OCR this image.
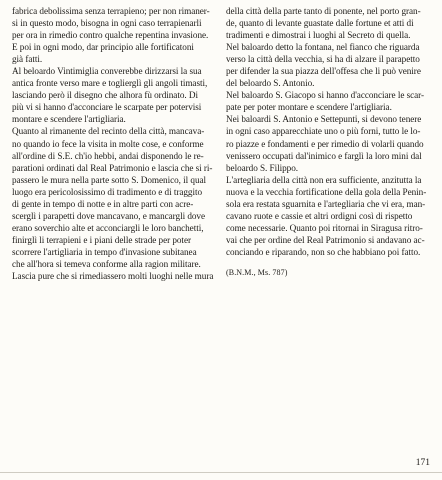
fabrica debolissima senza terrapieno; per non rimaner-
si in questo modo, bisogna in ogni caso terrapienarli
per ora in rimedio contro qualche repentina invasione.
E poi in ogni modo, dar principio alle fortificatoni
già fatti.
Al beloardo Vintimiglia converebbe dirizzarsi la sua
antica fronte verso mare e toglierglì gli angoli timasti,
lasciando però il disegno che alhora fù ordinato. Di
più vi si hanno d'acconciare le scarpate per potervisi
montare e scendere l'artigliaria.
Quanto al rimanente del recinto della città, mancava-
no quando io fece la visita in molte cose, e conforme
all'ordine di S.E. ch'io hebbi, andai disponendo le re-
parationi ordinati dal Real Patrimonio e lascia che si ri-
passero le mura nella parte sotto S. Domenico, il qual
luogo era pericolosissimo di tradimento e di traggito
di gente in tempo di notte e in altre parti con acre-
scerglì i parapetti dove mancavano, e mancargli dove
erano soverchio alte et acconciargli le loro banchetti,
finirglì li terrapieni e i piani delle strade per poter
scorrere l'artigliaria in tempo d'invasione subitanea
che all'hora si temeva conforme alla ragion militare.
Lascia pure che si rimediassero molti luoghi nelle mura
della città della parte tanto di ponente, nel porto gran-
de, quanto di levante guastate dalle fortune et atti di
tradimenti e dimostrai i luoghi al Secreto di quella.
Nel baloardo detto la fontana, nel fianco che riguarda
verso la città della vecchia, si ha di alzare il parapetto
per difender la sua piazza dell'offesa che li può venire
del beloardo S. Antonio.
Nel baloardo S. Giacopo si hanno d'acconciare le scar-
pate per poter montare e scendere l'artigliaria.
Nei baloardi S. Antonio e Settepunti, si devono tenere
in ogni caso apparecchiate uno o più forni, tutto le lo-
ro piazze e fondamenti e per rimedio di volarli quando
venissero occupati dal'inimico e farglì la loro mini dal
beloardo S. Filippo.
L'artegliaria della città non era sufficiente, anzitutta la
nuova e la vecchia fortificatione della gola della Penin-
sola era restata sguarnita e l'artegliaria che vi era, man-
cavano ruote e cassie et altri ordigni così di rispetto
come necessarie. Quanto poi ritornai in Siragusa ritro-
vai che per ordine del Real Patrimonio si andavano ac-
conciando e riparando, non so che habbiano poi fatto.
(B.N.M., Ms. 787)
171
